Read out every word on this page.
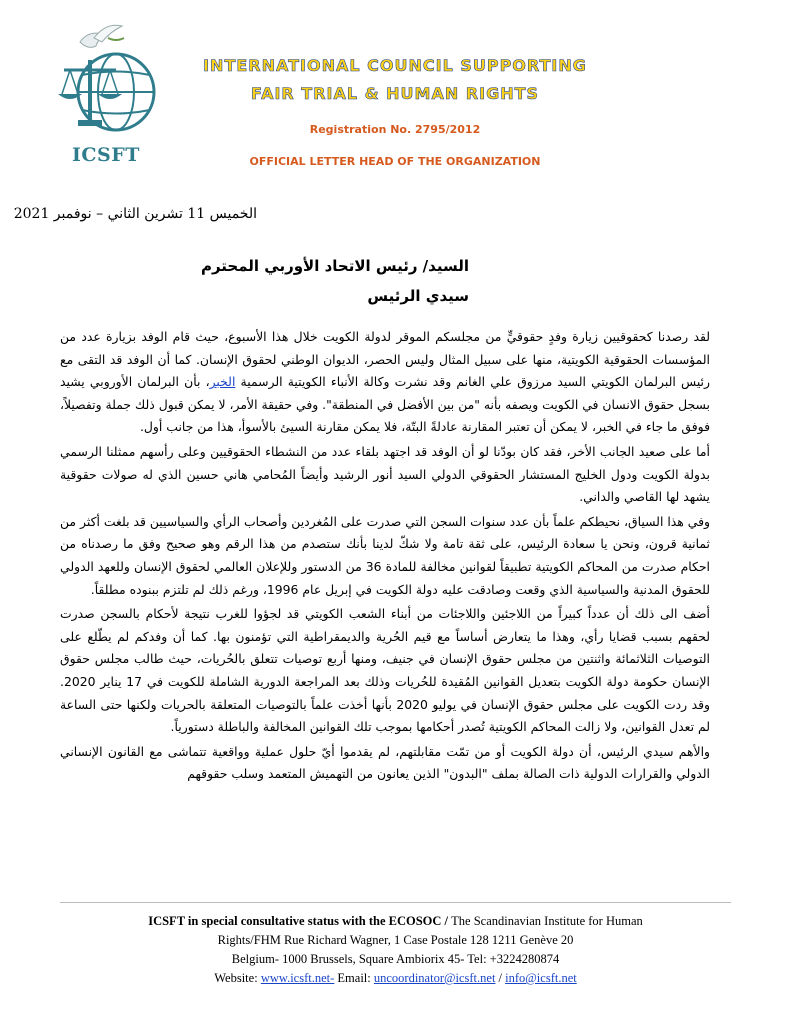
ICSFT
INTERNATIONAL COUNCIL SUPPORTING
FAIR TRIAL & HUMAN RIGHTS
Registration No. 2795/2012
OFFICIAL LETTER HEAD OF THE ORGANIZATION
الخميس 11 تشرين الثاني – نوفمبر 2021
السيد/ رئيس الاتحاد الأوربي المحترم
سيدي الرئيس

لقد رصدنا كحقوقيين زيارة وفدٍ حقوقيٍّ من مجلسكم الموقر لدولة الكويت خلال هذا الأسبوع، حيث قام الوفد بزيارة عدد من المؤسسات الحقوقية الكويتية، منها على سبيل المثال وليس الحصر، الديوان الوطني لحقوق الإنسان. كما أن الوفد قد التقى مع رئيس البرلمان الكويتي السيد مرزوق علي الغانم وقد نشرت وكالة الأنباء الكويتية الرسمية الخبر، بأن البرلمان الأوروبي يشيد بسجل حقوق الانسان في الكويت ويصفه بأنه "من بين الأفضل في المنطقة". وفي حقيقة الأمر، لا يمكن قبول ذلك جملة وتفصيلاً، فوفق ما جاء في الخبر، لا يمكن أن تعتبر المقارنة عادلةً البتّة، فلا يمكن مقارنة السيئ بالأسوأ، هذا من جانب أول.

أما على صعيد الجانب الأخر، فقد كان بودّنا لو أن الوفد قد اجتهد بلقاء عدد من النشطاء الحقوقيين وعلى رأسهم ممثلنا الرسمي بدولة الكويت ودول الخليج المستشار الحقوقي الدولي السيد أنور الرشيد وأيضاً المُحامي هاني حسين الذي له صولات حقوقية يشهد لها القاصي والداني.

وفي هذا السياق، نحيطكم علماً بأن عدد سنوات السجن التي صدرت على المُغردين وأصحاب الرأي والسياسيين قد بلغت أكثر من ثمانية قرون، ونحن يا سعادة الرئيس، على ثقة تامة ولا شكّ لدينا بأنك ستصدم من هذا الرقم وهو صحيح وفق ما رصدناه من احكام صدرت من المحاكم الكويتية تطبيقاً لقوانين مخالفة للمادة 36 من الدستور وللإعلان العالمي لحقوق الإنسان وللعهد الدولي للحقوق المدنية والسياسية الذي وقعت وصادقت عليه دولة الكويت في إبريل عام 1996، ورغم ذلك لم تلتزم ببنوده مطلقاً.

أضف الى ذلك أن عدداً كبيراً من اللاجئين واللاجئات من أبناء الشعب الكويتي قد لجؤوا للغرب نتيجة لأحكام بالسجن صدرت لحقهم بسبب قضايا رأي، وهذا ما يتعارض أساساً مع قيم الحُرية والديمقراطية التي تؤمنون بها. كما أن وفدكم لم يطّلع على التوصيات الثلاثمائة واثنتين من مجلس حقوق الإنسان في جنيف، ومنها أربع توصيات تتعلق بالحُريات، حيث طالب مجلس حقوق الإنسان حكومة دولة الكويت بتعديل القوانين المُقيدة للحُريات وذلك بعد المراجعة الدورية الشاملة للكويت في 17 يناير 2020. وقد ردت الكويت على مجلس حقوق الإنسان في يوليو 2020 بأنها أخذت علماً بالتوصيات المتعلقة بالحريات ولكنها حتى الساعة لم تعدل القوانين، ولا زالت المحاكم الكويتية تُصدر أحكامها بموجب تلك القوانين المخالفة والباطلة دستورياً.

والأهم سيدي الرئيس، أن دولة الكويت أو من تمّت مقابلتهم، لم يقدموا أيّ حلول عملية وواقعية تتماشى مع القانون الإنساني الدولي والقرارات الدولية ذات الصالة بملف "البدون" الذين يعانون من التهميش المتعمد وسلب حقوقهم

ICSFT in special consultative status with the ECOSOC / The Scandinavian Institute for Human
Rights/FHM Rue Richard Wagner, 1 Case Postale 128 1211 Genève 20
Belgium- 1000 Brussels, Square Ambiorix 45- Tel: +3224280874
Website: www.icsft.net- Email: uncoordinator@icsft.net / info@icsft.net
